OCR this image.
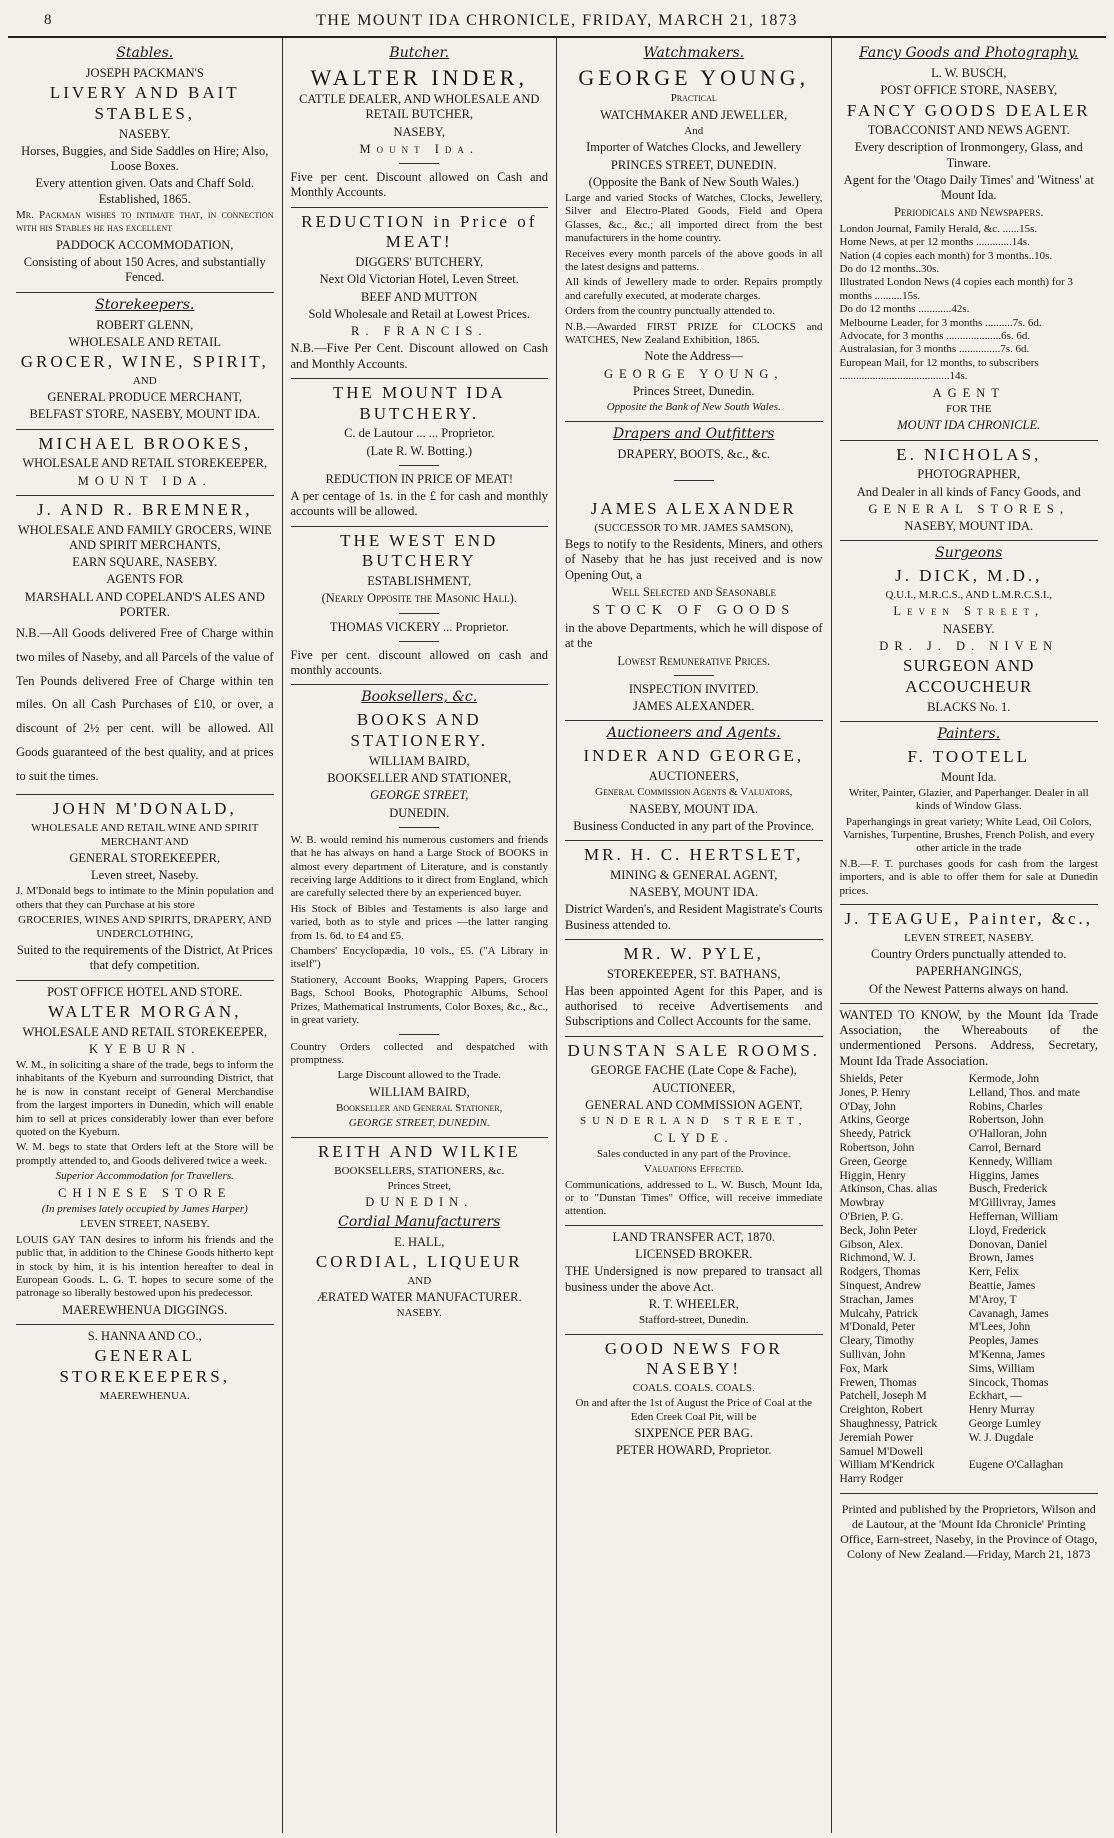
8	THE MOUNT IDA CHRONICLE, FRIDAY, MARCH 21, 1873
Stables.

JOSEPH PACKMAN'S

LIVERY AND BAIT STABLES,

NASEBY.

Horses, Buggies, and Side Saddles on Hire; Also, Loose Boxes.

Every attention given. Oats and Chaff Sold. Established, 1865.

Mr. Packman wishes to intimate that, in connection with his Stables he has excellent

PADDOCK ACCOMMODATION,

Consisting of about 150 Acres, and substantially Fenced.

Storekeepers.

ROBERT GLENN,

WHOLESALE AND RETAIL

GROCER, WINE, SPIRIT,

AND

GENERAL PRODUCE MERCHANT,

BELFAST STORE, NASEBY, MOUNT IDA.

MICHAEL BROOKES,

WHOLESALE AND RETAIL STOREKEEPER,

MOUNT IDA.

J. AND R. BREMNER,

WHOLESALE AND FAMILY GROCERS, WINE AND SPIRIT MERCHANTS,

EARN SQUARE, NASEBY.

AGENTS FOR

MARSHALL AND COPELAND'S ALES AND PORTER.

N.B.—All Goods delivered Free of Charge within two miles of Naseby, and all Parcels of the value of Ten Pounds delivered Free of Charge within ten miles. On all Cash Purchases of £10, or over, a discount of 2½ per cent. will be allowed. All Goods guaranteed of the best quality, and at prices to suit the times.

JOHN M'DONALD,

WHOLESALE AND RETAIL WINE AND SPIRIT MERCHANT AND

GENERAL STOREKEEPER,

Leven street, Naseby.

J. M'Donald begs to intimate to the Minin population and others that they can Purchase at his store

GROCERIES, WINES AND SPIRITS, DRAPERY, AND UNDERCLOTHING,

Suited to the requirements of the District, At Prices that defy competition.

POST OFFICE HOTEL AND STORE.

WALTER MORGAN,

WHOLESALE AND RETAIL STOREKEEPER,

KYEBURN.

W. M., in soliciting a share of the trade, begs to inform the inhabitants of the Kyeburn and surrounding District, that he is now in constant receipt of General Merchandise from the largest importers in Dunedin, which will enable him to sell at prices considerably lower than ever before quoted on the Kyeburn.

W. M. begs to state that Orders left at the Store will be promptly attended to, and Goods delivered twice a week.

Superior Accommodation for Travellers.

CHINESE STORE

(In premises lately occupied by James Harper)

LEVEN STREET, NASEBY.

LOUIS GAY TAN desires to inform his friends and the public that, in addition to the Chinese Goods hitherto kept in stock by him, it is his intention hereafter to deal in European Goods. L. G. T. hopes to secure some of the patronage so liberally bestowed upon his predecessor.

MAEREWHENUA DIGGINGS.

S. HANNA AND CO.,

GENERAL STOREKEEPERS,

MAEREWHENUA.

Butcher.

WALTER INDER,

CATTLE DEALER, AND WHOLESALE AND RETAIL BUTCHER,

NASEBY,

Mount Ida.

Five per cent. Discount allowed on Cash and Monthly Accounts.

REDUCTION in Price of MEAT!

DIGGERS' BUTCHERY,

Next Old Victorian Hotel, Leven Street.

BEEF AND MUTTON

Sold Wholesale and Retail at Lowest Prices.

R. FRANCIS.

N.B.—Five Per Cent. Discount allowed on Cash and Monthly Accounts.

THE MOUNT IDA BUTCHERY.

C. de Lautour ... ... Proprietor.

(Late R. W. Botting.)

REDUCTION IN PRICE OF MEAT!

A per centage of 1s. in the £ for cash and monthly accounts will be allowed.

THE WEST END BUTCHERY

ESTABLISHMENT,

(Nearly Opposite the Masonic Hall).

THOMAS VICKERY ... Proprietor.

Five per cent. discount allowed on cash and monthly accounts.

Booksellers, &c.

BOOKS AND STATIONERY.

WILLIAM BAIRD,

BOOKSELLER AND STATIONER,

GEORGE STREET,

DUNEDIN.

W. B. would remind his numerous customers and friends that he has always on hand a Large Stock of BOOKS in almost every department of Literature, and is constantly receiving large Additions to it direct from England, which are carefully selected there by an experienced buyer.

His Stock of Bibles and Testaments is also large and varied, both as to style and prices —the latter ranging from 1s. 6d. to £4 and £5.

Chambers' Encyclopædia, 10 vols., £5. ("A Library in itself")

Stationery, Account Books, Wrapping Papers, Grocers Bags, School Books, Photographic Albums, School Prizes, Mathematical Instruments, Color Boxes, &c., &c., in great variety.

Country Orders collected and despatched with promptness.

Large Discount allowed to the Trade.

WILLIAM BAIRD,

Bookseller and General Stationer,

GEORGE STREET, DUNEDIN.

REITH AND WILKIE

BOOKSELLERS, STATIONERS, &c.

Princes Street,

DUNEDIN.

Cordial Manufacturers

E. HALL,

CORDIAL, LIQUEUR

AND

ÆRATED WATER MANUFACTURER.

NASEBY.

Watchmakers.

GEORGE YOUNG,

Practical

WATCHMAKER AND JEWELLER,

And

Importer of Watches Clocks, and Jewellery

PRINCES STREET, DUNEDIN.

(Opposite the Bank of New South Wales.)

Large and varied Stocks of Watches, Clocks, Jewellery, Silver and Electro-Plated Goods, Field and Opera Glasses, &c., &c.; all imported direct from the best manufacturers in the home country.

Receives every month parcels of the above goods in all the latest designs and patterns.

All kinds of Jewellery made to order. Repairs promptly and carefully executed, at moderate charges.

Orders from the country punctually attended to.

N.B.—Awarded FIRST PRIZE for CLOCKS and WATCHES, New Zealand Exhibition, 1865.

Note the Address—

GEORGE YOUNG,

Princes Street, Dunedin.

Opposite the Bank of New South Wales.

Drapers and Outfitters

DRAPERY, BOOTS, &c., &c.

JAMES ALEXANDER

(SUCCESSOR TO MR. JAMES SAMSON),

Begs to notify to the Residents, Miners, and others of Naseby that he has just received and is now Opening Out, a

Well Selected and Seasonable

STOCK OF GOODS

in the above Departments, which he will dispose of at the

Lowest Remunerative Prices.

INSPECTION INVITED.

JAMES ALEXANDER.

Auctioneers and Agents.

INDER AND GEORGE,

AUCTIONEERS,

General Commission Agents & Valuators,

NASEBY, MOUNT IDA.

Business Conducted in any part of the Province.

MR. H. C. HERTSLET,

MINING & GENERAL AGENT,

NASEBY, MOUNT IDA.

District Warden's, and Resident Magistrate's Courts Business attended to.

MR. W. PYLE,

STOREKEEPER, ST. BATHANS,

Has been appointed Agent for this Paper, and is authorised to receive Advertisements and Subscriptions and Collect Accounts for the same.

DUNSTAN SALE ROOMS.

GEORGE FACHE (Late Cope & Fache),

AUCTIONEER,

GENERAL AND COMMISSION AGENT,

SUNDERLAND STREET,

CLYDE.

Sales conducted in any part of the Province.

Valuations Effected.

Communications, addressed to L. W. Busch, Mount Ida, or to "Dunstan Times" Office, will receive immediate attention.

LAND TRANSFER ACT, 1870.

LICENSED BROKER.

THE Undersigned is now prepared to transact all business under the above Act.

R. T. WHEELER,

Stafford-street, Dunedin.

GOOD NEWS FOR NASEBY!

COALS. COALS. COALS.

On and after the 1st of August the Price of Coal at the Eden Creek Coal Pit, will be

SIXPENCE PER BAG.

PETER HOWARD, Proprietor.

Fancy Goods and Photography.

L. W. BUSCH,

POST OFFICE STORE, NASEBY,

FANCY GOODS DEALER

TOBACCONIST AND NEWS AGENT.

Every description of Ironmongery, Glass, and Tinware.

Agent for the 'Otago Daily Times' and 'Witness' at Mount Ida.

Periodicals and Newspapers.

London Journal, Family Herald, &c. ......15s.
Home News, at per 12 months .............14s.
Nation (4 copies each month) for 3 months..10s.
Do do 12 months..30s.
Illustrated London News (4 copies each month) for 3 months ..........15s.
Do do 12 months ............42s.
Melbourne Leader, for 3 months ..........7s. 6d.
Advocate, for 3 months ....................6s. 6d.
Australasian, for 3 months ...............7s. 6d.
European Mail, for 12 months, to subscribers ........................................14s.

AGENT

FOR THE

MOUNT IDA CHRONICLE.

E. NICHOLAS,

PHOTOGRAPHER,

And Dealer in all kinds of Fancy Goods, and

GENERAL STORES,

NASEBY, MOUNT IDA.

Surgeons

J. DICK, M.D.,

Q.U.I., M.R.C.S., AND L.M.R.C.S.I.,

Leven Street,

NASEBY.

DR. J. D. NIVEN

SURGEON AND ACCOUCHEUR

BLACKS No. 1.

Painters.

F. TOOTELL

Mount Ida.

Writer, Painter, Glazier, and Paperhanger. Dealer in all kinds of Window Glass.

Paperhangings in great variety; White Lead, Oil Colors, Varnishes, Turpentine, Brushes, French Polish, and every other article in the trade

N.B.—F. T. purchases goods for cash from the largest importers, and is able to offer them for sale at Dunedin prices.

J. TEAGUE, Painter, &c.,

LEVEN STREET, NASEBY.

Country Orders punctually attended to.

PAPERHANGINGS,

Of the Newest Patterns always on hand.

WANTED TO KNOW, by the Mount Ida Trade Association, the Whereabouts of the undermentioned Persons. Address, Secretary, Mount Ida Trade Association.

Shields, Peter
Jones, P. Henry
O'Day, John
Atkins, George
Sheedy, Patrick
Robertson, John
Green, George
Higgin, Henry
Atkinson, Chas. alias Mowbray
O'Brien, P. G.
Beck, John Peter
Gibson, Alex.
Richmond, W. J.
Rodgers, Thomas
Sinquest, Andrew
Strachan, James
Mulcahy, Patrick
M'Donald, Peter
Cleary, Timothy
Sullivan, John
Fox, Mark
Frewen, Thomas
Patchell, Joseph M
Creighton, Robert
Shaughnessy, Patrick
Jeremiah Power
Samuel M'Dowell
William M'Kendrick
Harry Rodger
Kermode, John
Lelland, Thos. and mate
Robins, Charles
Robertson, John
O'Halloran, John
Carrol, Bernard
Kennedy, William
Higgins, James
Busch, Frederick
M'Gillivray, James
Heffernan, William
Lloyd, Frederick
Donovan, Daniel
Brown, James
Kerr, Felix
Beattie, James
M'Aroy, T
Cavanagh, James
M'Lees, John
Peoples, James
M'Kenna, James
Sims, William
Sincock, Thomas
Eckhart, —
Henry Murray
George Lumley
W. J. Dugdale

Eugene O'Callaghan
Printed and published by the Proprietors, Wilson and de Lautour, at the 'Mount Ida Chronicle' Printing Office, Earn-street, Naseby, in the Province of Otago, Colony of New Zealand.—Friday, March 21, 1873
